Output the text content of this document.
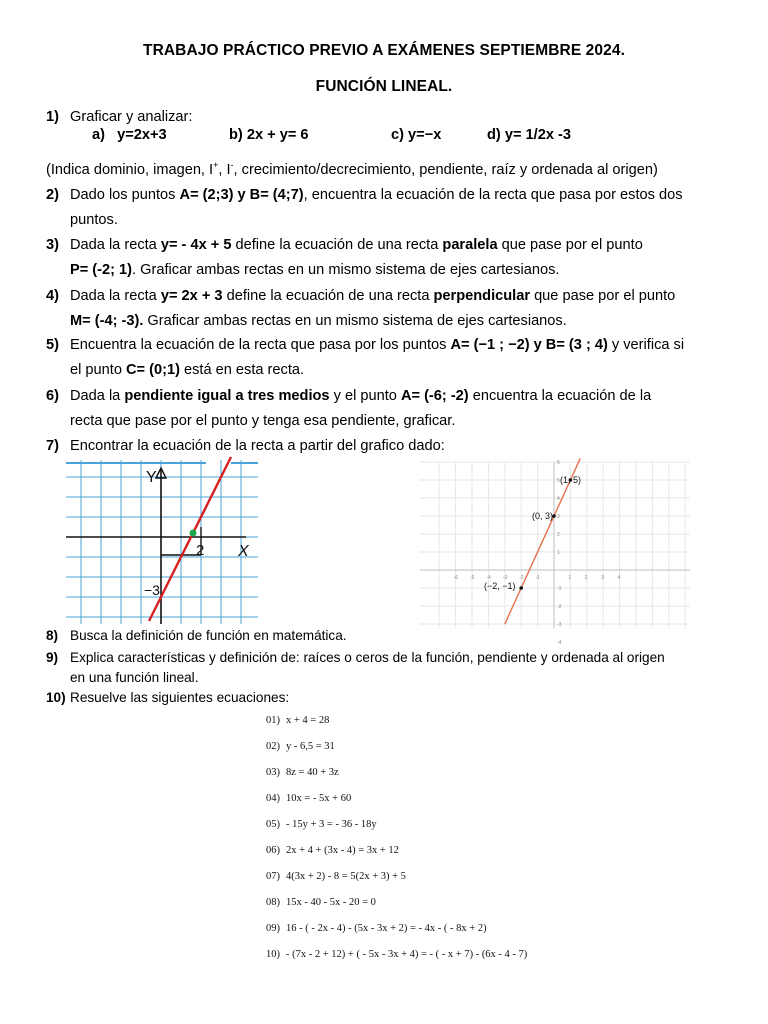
TRABAJO PRÁCTICO PREVIO A EXÁMENES SEPTIEMBRE 2024.
FUNCIÓN LINEAL.
1) Graficar y analizar:
a) y=2x+3	b) 2x + y= 6	c) y=−x	d) y= 1/2x -3
(Indica dominio, imagen, I+, I-, crecimiento/decrecimiento, pendiente, raíz y ordenada al origen)
2) Dado los puntos A= (2;3) y B= (4;7), encuentra la ecuación de la recta que pasa por estos dos
puntos.
3) Dada la recta y= - 4x + 5 define la ecuación de una recta paralela que pase por el punto
P= (-2; 1). Graficar ambas rectas en un mismo sistema de ejes cartesianos.
4) Dada la recta y= 2x + 3 define la ecuación de una recta perpendicular que pase por el punto
M= (-4; -3). Graficar ambas rectas en un mismo sistema de ejes cartesianos.
5) Encuentra la ecuación de la recta que pasa por los puntos A= (−1 ; −2) y B= (3 ; 4) y verifica si
el punto C= (0;1) está en esta recta.
6) Dada la pendiente igual a tres medios y el punto A= (-6; -2) encuentra la ecuación de la
recta que pase por el punto y tenga esa pendiente, graficar.
7) Encontrar la ecuación de la recta a partir del grafico dado:
Y
X
2
−3
-6 -5 -4 -3 -2 -1	1	2	3	4
6
5
4
3
2
1
-1
-2
-3
-4
(1, 5)
(0, 3)
(−2, −1)
8) Busca la definición de función en matemática.
9) Explica características y definición de: raíces o ceros de la función, pendiente y ordenada al origen
en una función lineal.
10) Resuelve las siguientes ecuaciones:
01) x + 4 = 28
02) y - 6,5 = 31
03) 8z = 40 + 3z
04) 10x = - 5x + 60
05) - 15y + 3 = - 36 - 18y
06) 2x + 4 + (3x - 4) = 3x + 12
07) 4(3x + 2) - 8 = 5(2x + 3) + 5
08) 15x - 40 - 5x - 20 = 0
09) 16 - ( - 2x - 4) - (5x - 3x + 2) = - 4x - ( - 8x + 2)
10) - (7x - 2 + 12) + ( - 5x - 3x + 4) = - ( - x + 7) - (6x - 4 - 7)
